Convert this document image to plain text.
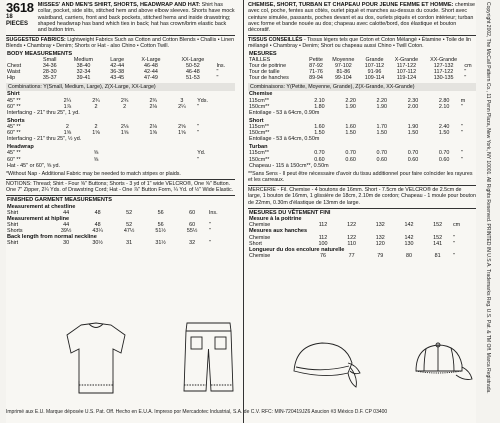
3618
18 PIECES
MISSES' AND MEN'S SHIRT, SHORTS, HEADWRAP AND HAT: Shirt has collar, pocket, side slits, stitched hem and above elbow sleeves. Shorts have mock waistband, carriers, front and back pockets, stitched hems and inside drawstring; shaped headwrap has band which ties in back; hat has crown/brim elastic back and button trim.
SUGGESTED FABRICS: Lightweight Fabrics Such as Cotton and Cotton Blends • Challis • Linen Blends • Chambray • Denim; Shorts or Hat - also Chino • Cotton Twill.
BODY MEASUREMENTS						
	Small	Medium	Large	X-Large	XX-Large	
Chest	34-36	38-40	42-44	46-48	50-52	Ins.
Waist	28-30	32-34	36-38	42-44	46-48	"
Hip	35-37	39-41	43-45	47-49	51-53	"
Combinations: Y(Small, Medium, Large), Z(X-Large, XX-Large)
Shirt						
45" **	2¼	2¾	2¾	2¾	3	Yds.
60" **	1⅞	2	2	2⅛	2¼	"
Interfacing - 21" thru 25", 1 yd.						
Shorts						
45" **	2	2	2⅛	2⅛	2⅝	"
60" **	1⅝	1⅝	1⅝	1⅝	1⅝	"
Interfacing - 21" thru 25", ½ yd.						
Headwrap						
45" **		⅝				Yd.
60" **		⅝				"
Hat - 45" or 60", ⅝ yd.						
*Without Nap - Additional Fabric may be needed to match stripes or plaids.
NOTIONS: Thread; Shirt - Four ⅝" Buttons; Shorts - 3 yd of 1" wide VELCRO®, One ⅝" Button. One 7" Zipper, 2¼ Yds. of Drawstring Cord; Hat - One ⅞" Button Form, ¼ Yd. of ½" Wide Elastic.
FINISHED GARMENT MEASUREMENTS						
Measurement at chestline						
Shirt	44	48	52	56	60	Ins.
Measurement at hipline						
Shirt	44	48	52	56	60	"
Shorts	39½	43¼	47½	51½	55½	"
Back length from normal neckline						
Shirt	30	30½	31	31½	32	"
CHEMISE, SHORT, TURBAN ET CHAPEAU POUR JEUNE FEMME ET HOMME: chemise avec col, poche, fentes aux côtés, ourlet piqué et manches au-dessus du coude. Short avec ceinture simulée, passants, poches devant et au dos, ourlets piqués et cordon intérieur; turban avec forme et bande nouée au dos; chapeau avec calotte/bord, dos élastique et bouton décoratif.
TISSUS CONSEILLÉS - Tissus légers tels que Coton et Coton Mélangé • Étamine • Toile de lin mélangé • Chambray • Denim; Short ou chapeau aussi Chino • Twill Coton.
MESURES						
TAILLES	Petite	Moyenne	Grande	X-Grande	XX-Grande	
Tour de poitrine	87-92	97-102	107-112	117-122	127-132	cm
Tour de taille	71-76	81-86	91-96	107-112	117-122	"
Tour de hanches	89-94	99-104	109-114	119-124	130-135	"
Combinaisons: Y(Petite, Moyenne, Grande), Z(X-Grande, XX-Grande)
Chemise						
115cm**	2.10	2.20	2.20	2.30	2.80	m
150cm**	1.80	1.90	1.90	2.00	2.10	"
Entoilage - 53 à 64cm, 0.90m						
Short						
115cm**	1.60	1.60	1.70	1.90	2.40	"
150cm**	1.50	1.50	1.50	1.50	1.50	"
Entoilage - 53 à 64cm, 0.50m						
Turban						
115cm**	0.70	0.70	0.70	0.70	0.70	"
150cm**	0.60	0.60	0.60	0.60	0.60	"
Chapeau - 115 à 150cm**, 0.50m						
**Sans Sens - Il peut être nécessaire d'avoir du tissu additionnel pour faire coïncider les rayures et les carreaux.
MERCERIE - Fil. Chemise - 4 boutons de 16mm. Short - 7.5cm de VELCRO® de 2.5cm de large, 1 bouton de 16mm, 1 glissière de 18cm, 2.10m de cordon; Chapeau - 1 moule pour bouton de 22mm, 0.30m d'élastique de 13mm de large.
MESURES DU VÊTEMENT FINI						
Mesure à la poitrine						
Chemise	112	122	132	142	152	cm
Mesures aux hanches						
Chemise	112	122	132	142	152	"
Short	100	110	120	130	141	"
Longueur du dos encolure naturelle						
Chemise	76	77	79	80	81	"	Copyright 2002, The McCall Pattern Co., 11 Penn Plaza, New York, NY 10001. All Rights Reserved. PRINTED IN U.S.A. Trademarks Reg. U.S. Pat. & TM Off. Marca Registrada.
Imprimé aux E.U. Marque déposée U.S. Pat. Off. Hecho en E.U.A. Impreso por Mercadotec Industrial, S.A. de C.V. RFC: MIN-720419JZ6 Asucion #3 México D.F. CP 03400
